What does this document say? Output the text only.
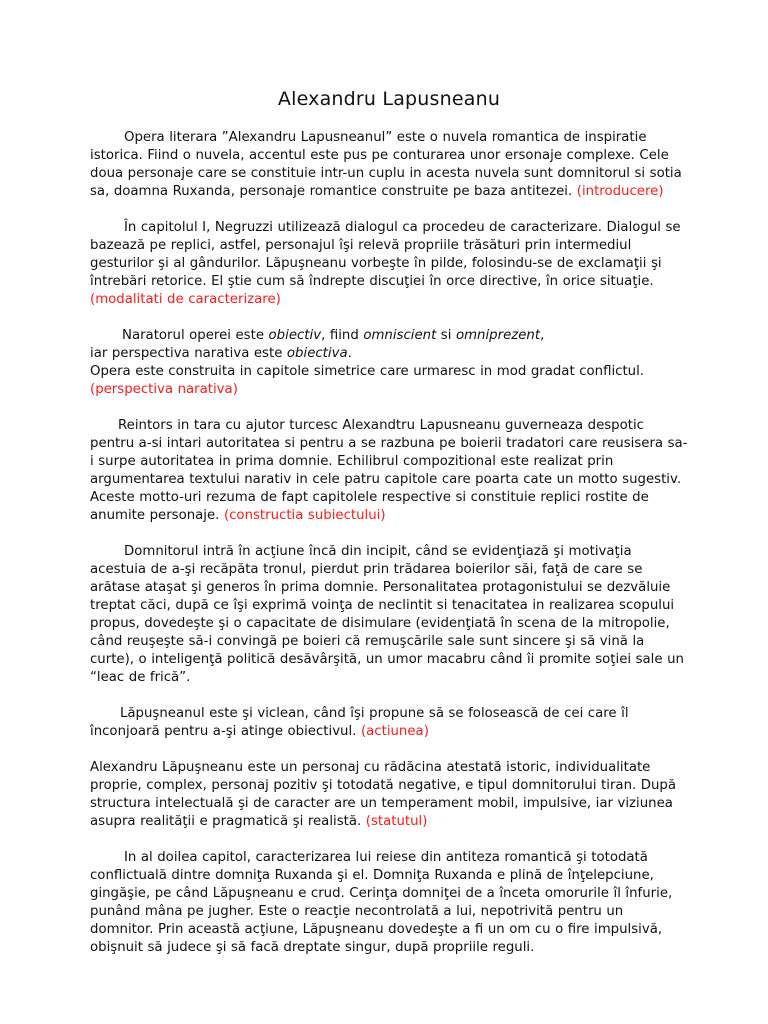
Alexandru Lapusneanu
Opera literara ”Alexandru Lapusneanul” este o nuvela romantica de inspiratie istorica. Fiind o nuvela, accentul este pus pe conturarea unor ersonaje complexe. Cele doua personaje care se constituie intr-un cuplu in acesta nuvela sunt domnitorul si sotia sa, doamna Ruxanda, personaje romantice construite pe baza antitezei. (introducere)
În capitolul I, Negruzzi utilizează dialogul ca procedeu de caracterizare. Dialogul se bazează pe replici, astfel, personajul îşi relevă propriile trăsături prin intermediul gesturilor şi al gândurilor. Lăpuşneanu vorbeşte în pilde, folosindu-se de exclamaţii şi întrebări retorice. El ştie cum să îndrepte discuţiei în orce directive, în orice situaţie. (modalitati de caracterizare)

Naratorul operei este obiectiv, fiind omniscient si omniprezent,

iar perspectiva narativa este obiectiva.

Opera este construita in capitole simetrice care urmaresc in mod gradat conflictul.

(perspectiva narativa)

Reintors in tara cu ajutor turcesc Alexandtru Lapusneanu guverneaza despotic pentru a-si intari autoritatea si pentru a se razbuna pe boierii tradatori care reusisera sa-i surpe autoritatea in prima domnie. Echilibrul compozitional este realizat prin argumentarea textului narativ in cele patru capitole care poarta cate un motto sugestiv. Aceste motto-uri rezuma de fapt capitolele respective si constituie replici rostite de anumite personaje. (constructia subiectului)
Domnitorul intră în acţiune încă din incipit, când se evidenţiază şi motivaţia acestuia de a-şi recăpăta tronul, pierdut prin trădarea boierilor săi, faţă de care se arătase ataşat şi generos în prima domnie. Personalitatea protagonistului se dezvăluie treptat căci, după ce îşi exprimă voinţa de neclintit si tenacitatea in realizarea scopului propus, dovedeşte şi o capacitate de disimulare (evidenţiată în scena de la mitropolie, când reuşeşte să-i convingă pe boieri că remuşcările sale sunt sincere şi să vină la curte), o inteligenţă politică desăvârşită, un umor macabru când îi promite soţiei sale un “leac de frică”.
Lăpuşneanul este şi viclean, când îşi propune să se folosească de cei care îl înconjoară pentru a-şi atinge obiectivul. (actiunea)
Alexandru Lăpuşneanu este un personaj cu rădăcina atestată istoric, individualitate proprie, complex, personaj pozitiv şi totodată negative, e tipul domnitorului tiran. După structura intelectuală şi de caracter are un temperament mobil, impulsive, iar viziunea asupra realităţii e pragmatică şi realistă. (statutul)
In al doilea capitol, caracterizarea lui reiese din antiteza romantică şi totodată conflictuală dintre domniţa Ruxanda şi el. Domniţa Ruxanda e plină de înţelepciune, gingăşie, pe când Lăpuşneanu e crud. Cerinţa domniţei de a înceta omorurile îl înfurie, punând mâna pe jugher. Este o reacţie necontrolată a lui, nepotrivită pentru un domnitor. Prin această acţiune, Lăpuşneanu dovedeşte a fi un om cu o fire impulsivă, obişnuit să judece şi să facă dreptate singur, după propriile reguli.
